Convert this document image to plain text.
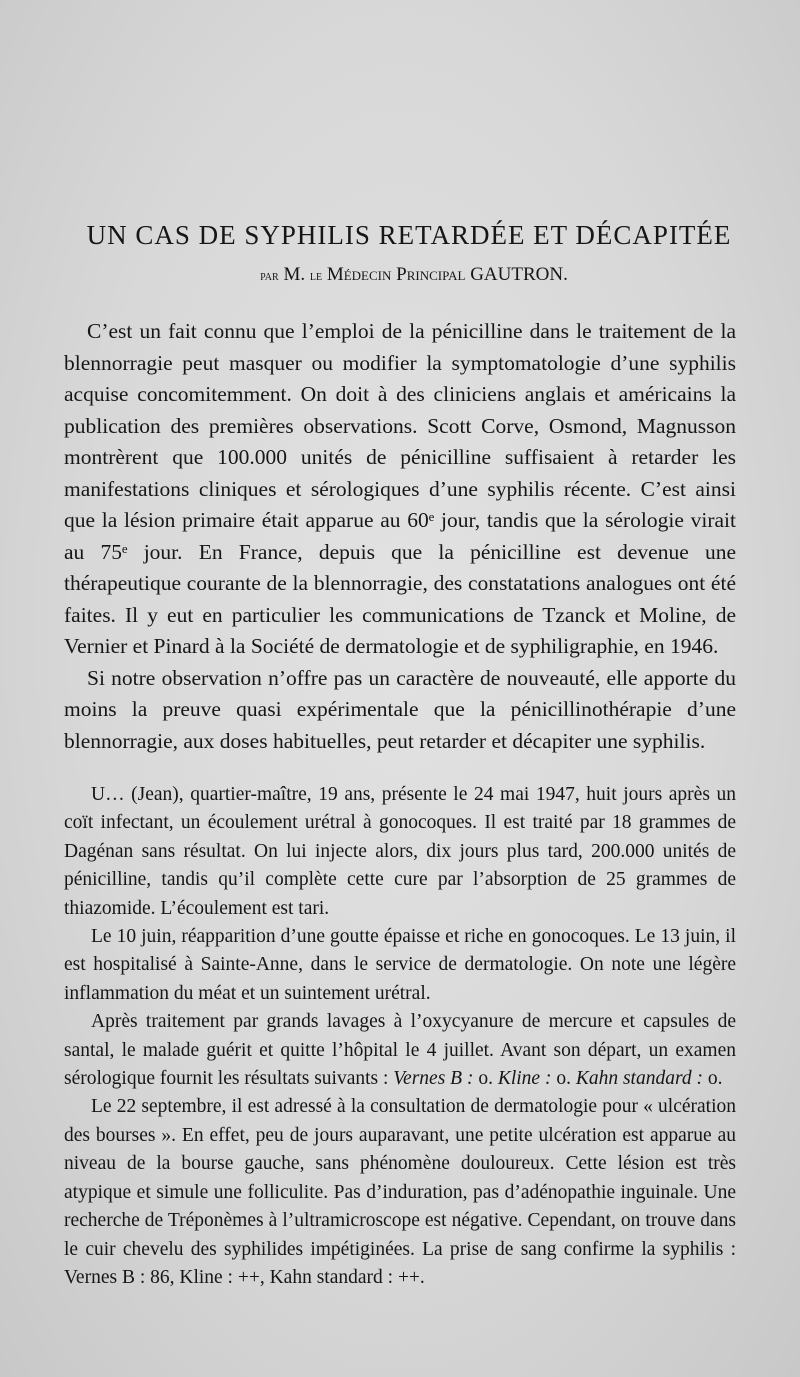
UN CAS DE SYPHILIS RETARDÉE ET DÉCAPITÉE
par M. le Médecin Principal GAUTRON.

C’est un fait connu que l’emploi de la pénicilline dans le traitement de la blennorragie peut masquer ou modifier la symptomatologie d’une syphilis acquise concomitemment. On doit à des cliniciens anglais et américains la publication des premières observations. Scott Corve, Osmond, Magnusson montrèrent que 100.000 unités de pénicilline suffisaient à retarder les manifestations cliniques et sérologiques d’une syphilis récente. C’est ainsi que la lésion primaire était apparue au 60ᵉ jour, tandis que la sérologie virait au 75ᵉ jour. En France, depuis que la pénicilline est devenue une thérapeutique courante de la blennorragie, des constatations analogues ont été faites. Il y eut en particulier les communications de Tzanck et Moline, de Vernier et Pinard à la Société de dermatologie et de syphiligraphie, en 1946.

Si notre observation n’offre pas un caractère de nouveauté, elle apporte du moins la preuve quasi expérimentale que la pénicillinothérapie d’une blennorragie, aux doses habituelles, peut retarder et décapiter une syphilis.

U… (Jean), quartier-maître, 19 ans, présente le 24 mai 1947, huit jours après un coït infectant, un écoulement urétral à gonocoques. Il est traité par 18 grammes de Dagénan sans résultat. On lui injecte alors, dix jours plus tard, 200.000 unités de pénicilline, tandis qu’il complète cette cure par l’absorption de 25 grammes de thiazomide. L’écoulement est tari.

Le 10 juin, réapparition d’une goutte épaisse et riche en gonocoques. Le 13 juin, il est hospitalisé à Sainte-Anne, dans le service de dermatologie. On note une légère inflammation du méat et un suintement urétral.

Après traitement par grands lavages à l’oxycyanure de mercure et capsules de santal, le malade guérit et quitte l’hôpital le 4 juillet. Avant son départ, un examen sérologique fournit les résultats suivants : Vernes B : o. Kline : o. Kahn standard : o.

Le 22 septembre, il est adressé à la consultation de dermatologie pour « ulcération des bourses ». En effet, peu de jours auparavant, une petite ulcération est apparue au niveau de la bourse gauche, sans phénomène douloureux. Cette lésion est très atypique et simule une folliculite. Pas d’induration, pas d’adénopathie inguinale. Une recherche de Tréponèmes à l’ultramicroscope est négative. Cependant, on trouve dans le cuir chevelu des syphilides impétiginées. La prise de sang confirme la syphilis : Vernes B : 86, Kline : ++, Kahn standard : ++.
